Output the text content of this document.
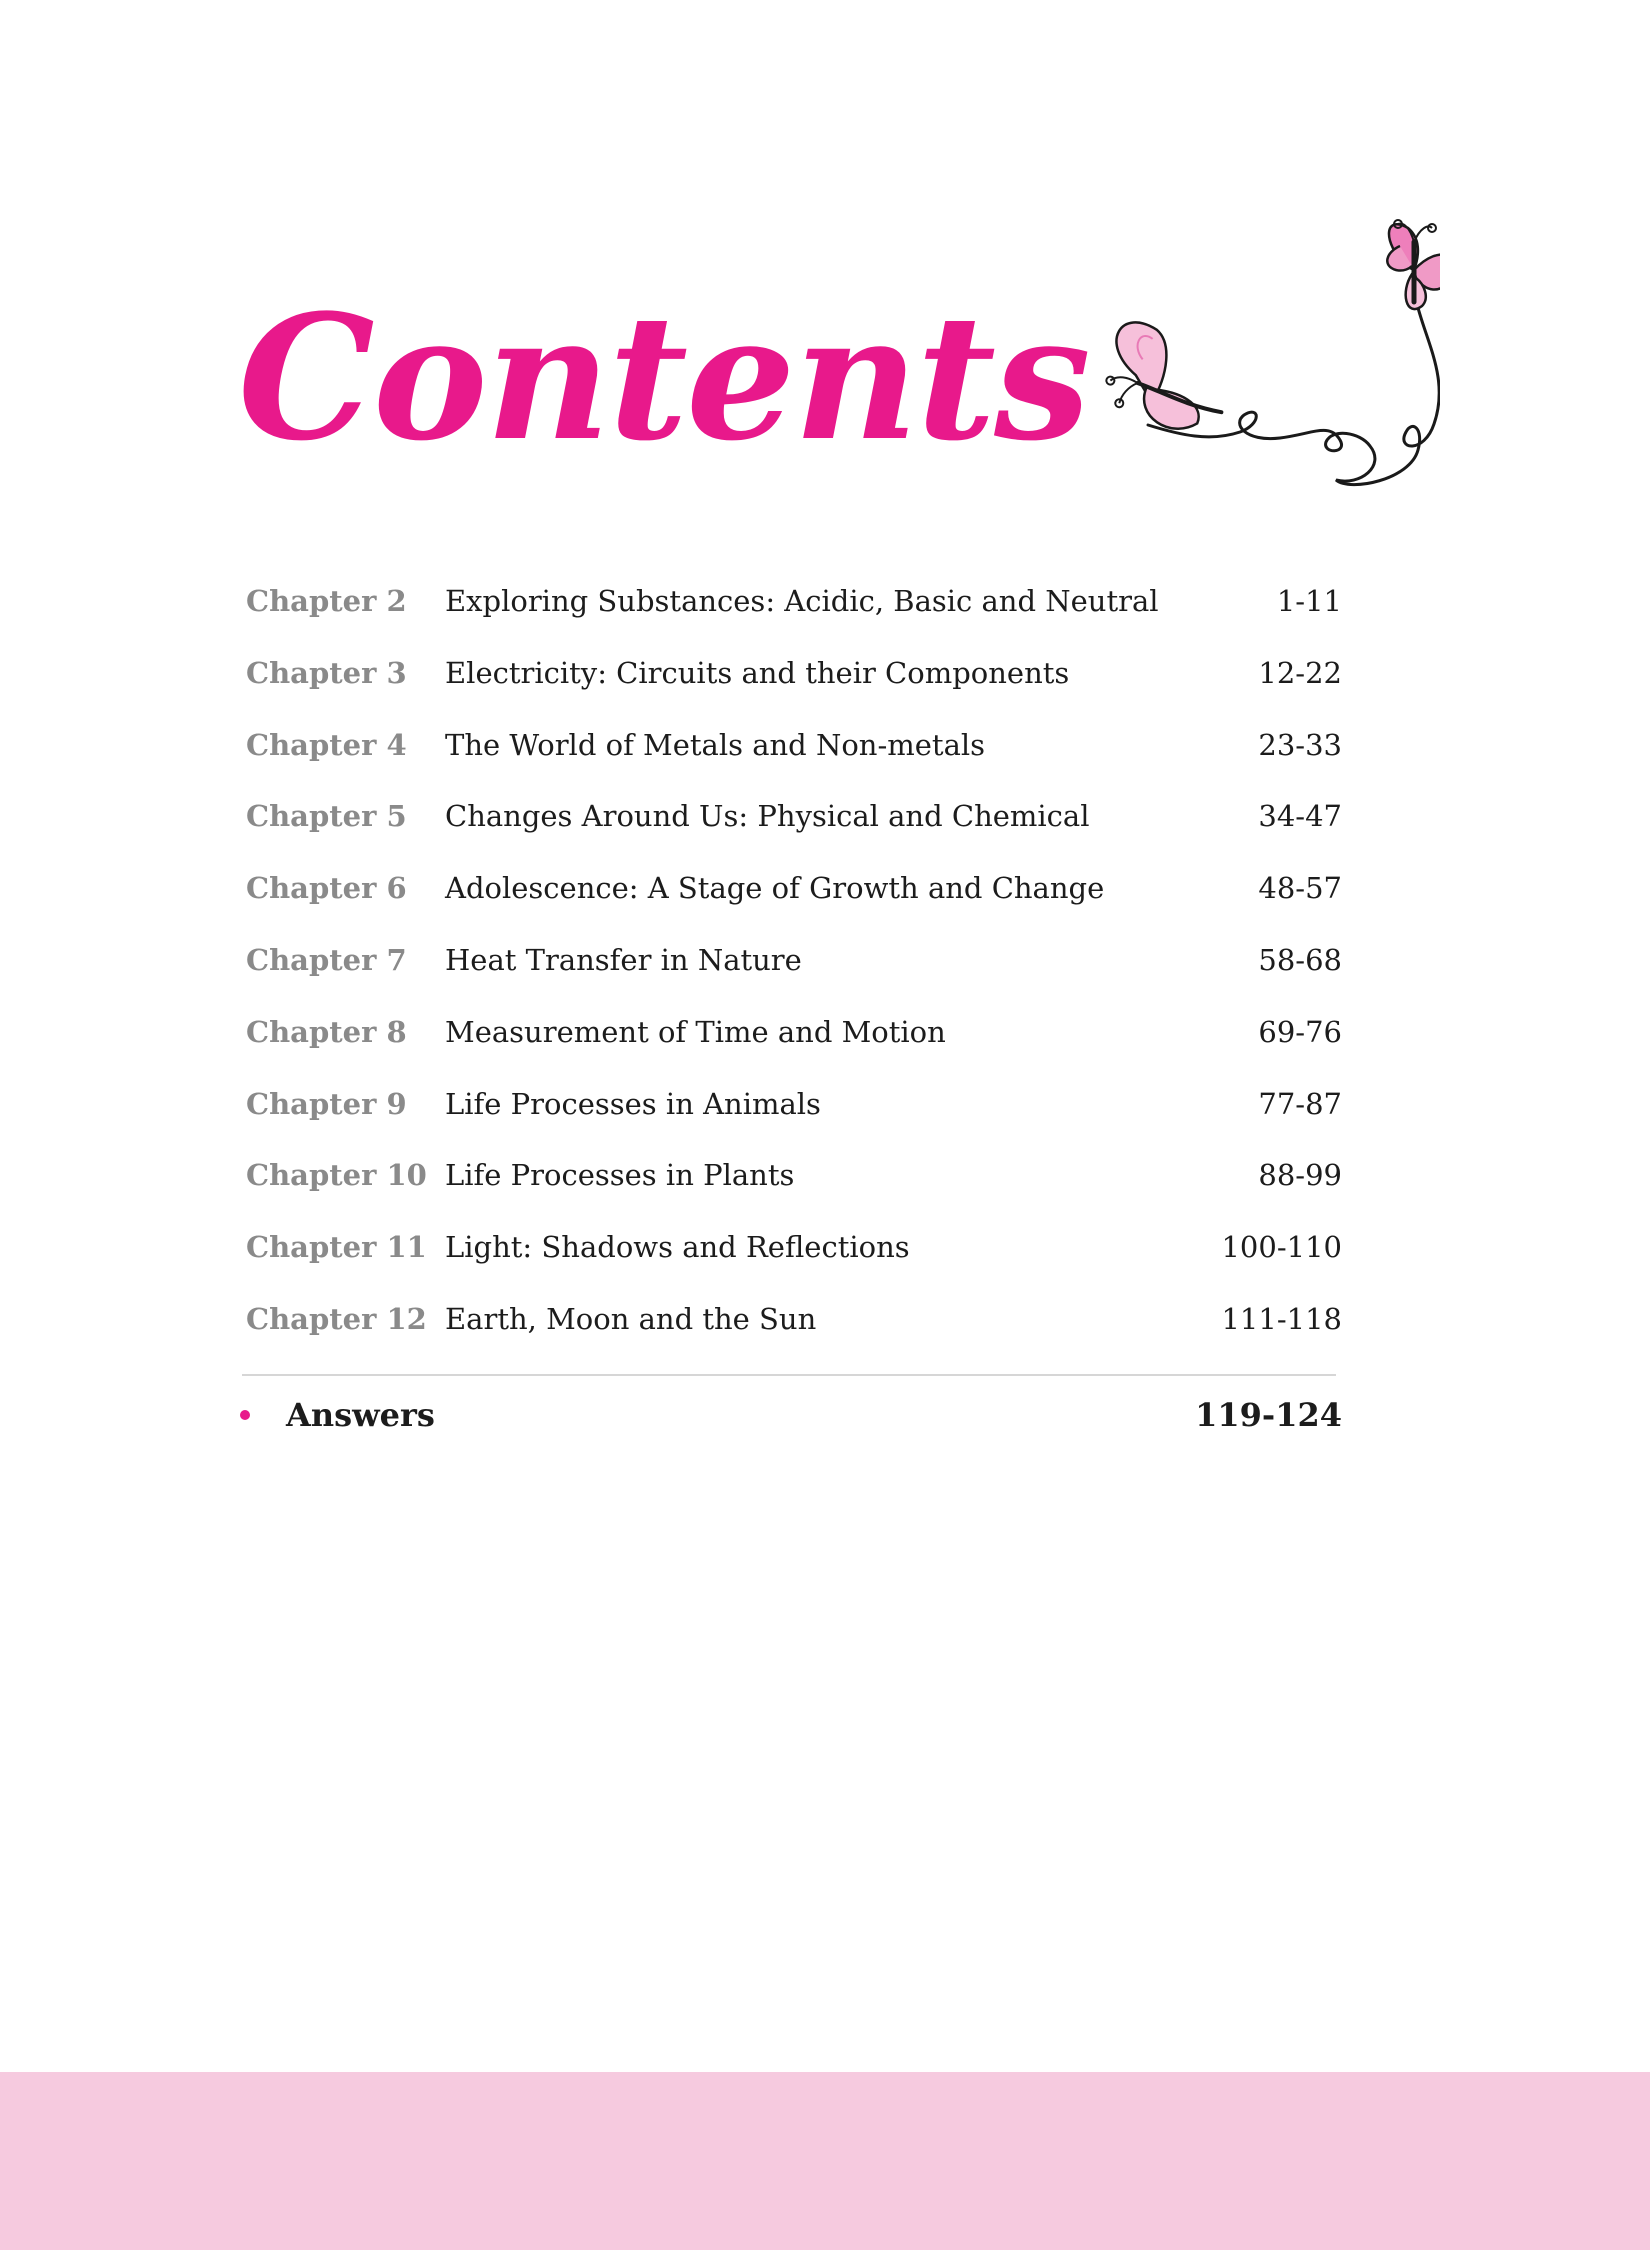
Contents
Chapter 2 Exploring Substances: Acidic, Basic and Neutral	1-11
Chapter 3 Electricity: Circuits and their Components	12-22
Chapter 4 The World of Metals and Non-metals	23-33
Chapter 5 Changes Around Us: Physical and Chemical	34-47
Chapter 6 Adolescence: A Stage of Growth and Change	48-57
Chapter 7 Heat Transfer in Nature	58-68
Chapter 8 Measurement of Time and Motion	69-76
Chapter 9 Life Processes in Animals	77-87
Chapter 10 Life Processes in Plants	88-99
Chapter 11 Light: Shadows and Reflections	100-110
Chapter 12 Earth, Moon and the Sun	111-118
Answers	119-124
